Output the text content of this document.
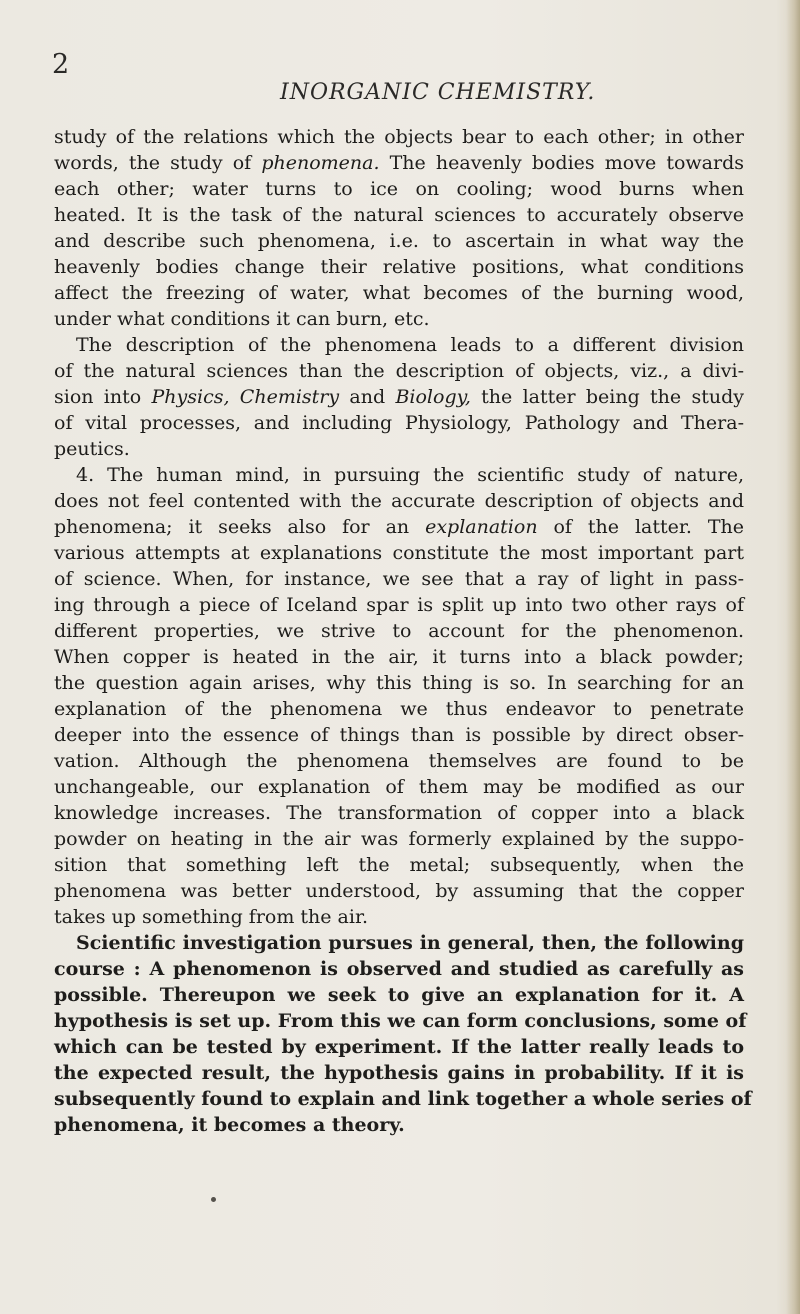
2
INORGANIC CHEMISTRY.
study of the relations which the objects bear to each other; in other
words, the study of phenomena. The heavenly bodies move towards
each other; water turns to ice on cooling; wood burns when
heated. It is the task of the natural sciences to accurately observe
and describe such phenomena, i.e. to ascertain in what way the
heavenly bodies change their relative positions, what conditions
affect the freezing of water, what becomes of the burning wood,
under what conditions it can burn, etc.
The description of the phenomena leads to a different division
of the natural sciences than the description of objects, viz., a divi-
sion into Physics, Chemistry and Biology, the latter being the study
of vital processes, and including Physiology, Pathology and Thera-
peutics.
4. The human mind, in pursuing the scientific study of nature,
does not feel contented with the accurate description of objects and
phenomena; it seeks also for an explanation of the latter. The
various attempts at explanations constitute the most important part
of science. When, for instance, we see that a ray of light in pass-
ing through a piece of Iceland spar is split up into two other rays of
different properties, we strive to account for the phenomenon.
When copper is heated in the air, it turns into a black powder;
the question again arises, why this thing is so. In searching for an
explanation of the phenomena we thus endeavor to penetrate
deeper into the essence of things than is possible by direct obser-
vation. Although the phenomena themselves are found to be
unchangeable, our explanation of them may be modified as our
knowledge increases. The transformation of copper into a black
powder on heating in the air was formerly explained by the suppo-
sition that something left the metal; subsequently, when the
phenomena was better understood, by assuming that the copper
takes up something from the air.
Scientific investigation pursues in general, then, the following
course : A phenomenon is observed and studied as carefully as
possible. Thereupon we seek to give an explanation for it. A
hypothesis is set up. From this we can form conclusions, some of
which can be tested by experiment. If the latter really leads to
the expected result, the hypothesis gains in probability. If it is
subsequently found to explain and link together a whole series of
phenomena, it becomes a theory.
